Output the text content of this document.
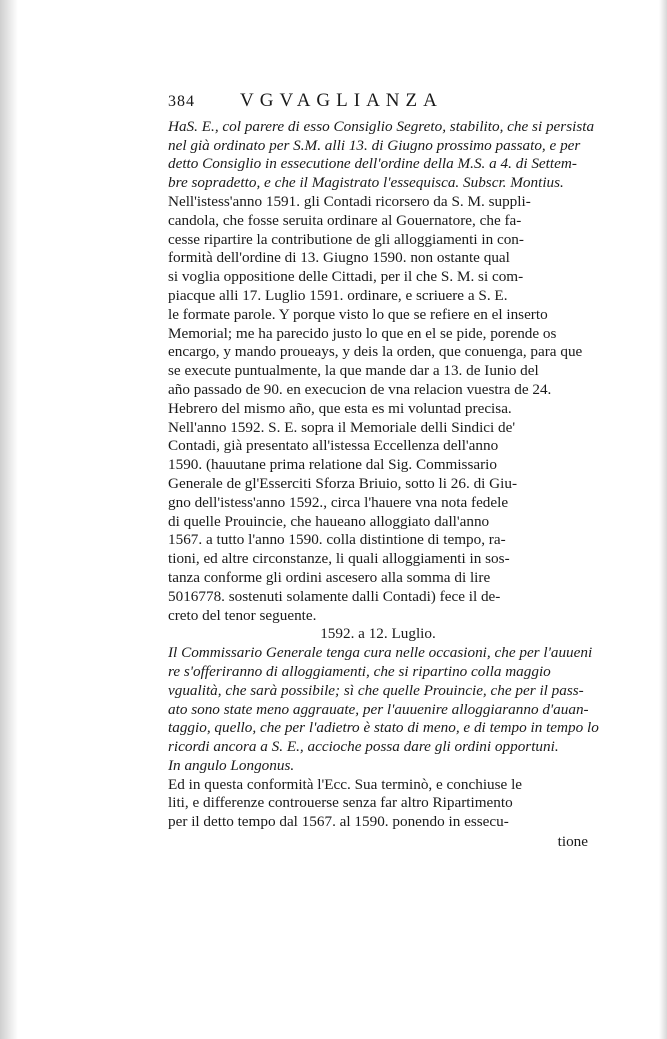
384	VGVAGLIANZA

HaS. E., col parere di esso Consiglio Segreto, stabilito, che si persista
nel già ordinato per S.M. alli 13. di Giugno prossimo passato, e per
detto Consiglio in essecutione dell'ordine della M.S. a 4. di Settem-
bre sopradetto, e che il Magistrato l'essequisca. Subscr. Montius.

Nell'istess'anno 1591. gli Contadi ricorsero da S. M. suppli-
candola, che fosse seruita ordinare al Gouernatore, che fa-
cesse ripartire la contributione de gli alloggiamenti in con-
formità dell'ordine di 13. Giugno 1590. non ostante qual
si voglia oppositione delle Cittadi, per il che S. M. si com-
piacque alli 17. Luglio 1591. ordinare, e scriuere a S. E.
le formate parole. Y porque visto lo que se refiere en el inserto
Memorial; me ha parecido justo lo que en el se pide, porende os
encargo, y mando proueays, y deis la orden, que conuenga, para que
se execute puntualmente, la que mande dar a 13. de Iunio del
año passado de 90. en execucion de vna relacion vuestra de 24.
Hebrero del mismo año, que esta es mi voluntad precisa.

Nell'anno 1592. S. E. sopra il Memoriale delli Sindici de'
Contadi, già presentato all'istessa Eccellenza dell'anno
1590. (hauutane prima relatione dal Sig. Commissario
Generale de gl'Esserciti Sforza Briuio, sotto li 26. di Giu-
gno dell'istess'anno 1592., circa l'hauere vna nota fedele
di quelle Prouincie, che haueano alloggiato dall'anno
1567. a tutto l'anno 1590. colla distintione di tempo, ra-
tioni, ed altre circonstanze, li quali alloggiamenti in sos-
tanza conforme gli ordini ascesero alla somma di lire
5016778. sostenuti solamente dalli Contadi) fece il de-
creto del tenor seguente.

1592. a 12. Luglio.

Il Commissario Generale tenga cura nelle occasioni, che per l'auueni
re s'offeriranno di alloggiamenti, che si ripartino colla maggio
vgualità, che sarà possibile; sì che quelle Prouincie, che per il pass-
ato sono state meno aggrauate, per l'auuenire alloggiaranno d'auan-
taggio, quello, che per l'adietro è stato di meno, e di tempo in tempo lo
ricordi ancora a S. E., accioche possa dare gli ordini opportuni.
In angulo Longonus.

Ed in questa conformità l'Ecc. Sua terminò, e conchiuse le
liti, e differenze controuerse senza far altro Ripartimento
per il detto tempo dal 1567. al 1590. ponendo in essecu-

tione
